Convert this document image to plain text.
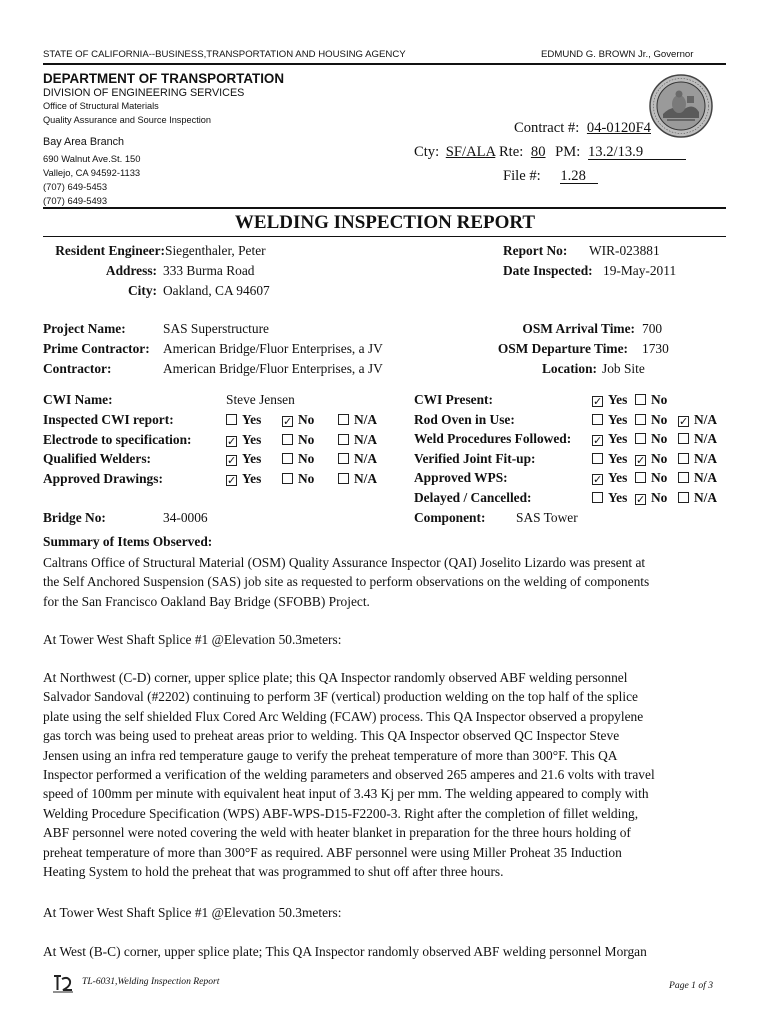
STATE OF CALIFORNIA--BUSINESS,TRANSPORTATION AND HOUSING AGENCY	EDMUND G. BROWN Jr., Governor
DEPARTMENT OF TRANSPORTATION
DIVISION OF ENGINEERING SERVICES
Office of Structural Materials
Quality Assurance and Source Inspection
Bay Area Branch
690 Walnut Ave.St. 150
Vallejo, CA 94592-1133
(707) 649-5453
(707) 649-5493
Contract #: 04-0120F4
Cty: SF/ALA Rte: 80 PM: 13.2/13.9
File #: 1.28
WELDING INSPECTION REPORT
Resident Engineer: Siegenthaler, Peter
Address: 333 Burma Road
City: Oakland, CA 94607
Report No: WIR-023881
Date Inspected: 19-May-2011
Project Name:	SAS Superstructure
Prime Contractor: American Bridge/Fluor Enterprises, a JV
Contractor:	American Bridge/Fluor Enterprises, a JV
OSM Arrival Time: 700
OSM Departure Time: 1730
Location: Job Site
CWI Name:	Steve Jensen
Inspected CWI report:	Yes ✓ No	N/A
Electrode to specification:	✓ Yes	No	N/A
Qualified Welders:	✓ Yes	No	N/A
Approved Drawings:	✓ Yes	No	N/A
CWI Present:	✓ Yes No
Rod Oven in Use:	Yes No ✓ N/A
Weld Procedures Followed: ✓ Yes No N/A
Verified Joint Fit-up:	Yes ✓ No N/A
Approved WPS:	✓ Yes No N/A
Delayed / Cancelled:	Yes ✓ No N/A
Bridge No:	34-0006	Component: SAS Tower
Summary of Items Observed:
Caltrans Office of Structural Material (OSM) Quality Assurance Inspector (QAI) Joselito Lizardo was present at
the Self Anchored Suspension (SAS) job site as requested to perform observations on the welding of components
for the San Francisco Oakland Bay Bridge (SFOBB) Project.
At Tower West Shaft Splice #1 @Elevation 50.3meters:
At Northwest (C-D) corner, upper splice plate; this QA Inspector randomly observed ABF welding personnel
Salvador Sandoval (#2202) continuing to perform 3F (vertical) production welding on the top half of the splice
plate using the self shielded Flux Cored Arc Welding (FCAW) process. This QA Inspector observed a propylene
gas torch was being used to preheat areas prior to welding. This QA Inspector observed QC Inspector Steve
Jensen using an infra red temperature gauge to verify the preheat temperature of more than 300°F. This QA
Inspector performed a verification of the welding parameters and observed 265 amperes and 21.6 volts with travel
speed of 100mm per minute with equivalent heat input of 3.43 Kj per mm. The welding appeared to comply with
Welding Procedure Specification (WPS) ABF-WPS-D15-F2200-3. Right after the completion of fillet welding,
ABF personnel were noted covering the weld with heater blanket in preparation for the three hours holding of
preheat temperature of more than 300°F as required. ABF personnel were using Miller Proheat 35 Induction
Heating System to hold the preheat that was programmed to shut off after three hours.
At Tower West Shaft Splice #1 @Elevation 50.3meters:
At West (B-C) corner, upper splice plate; This QA Inspector randomly observed ABF welding personnel Morgan
TL-6031,Welding Inspection Report	Page 1 of 3
